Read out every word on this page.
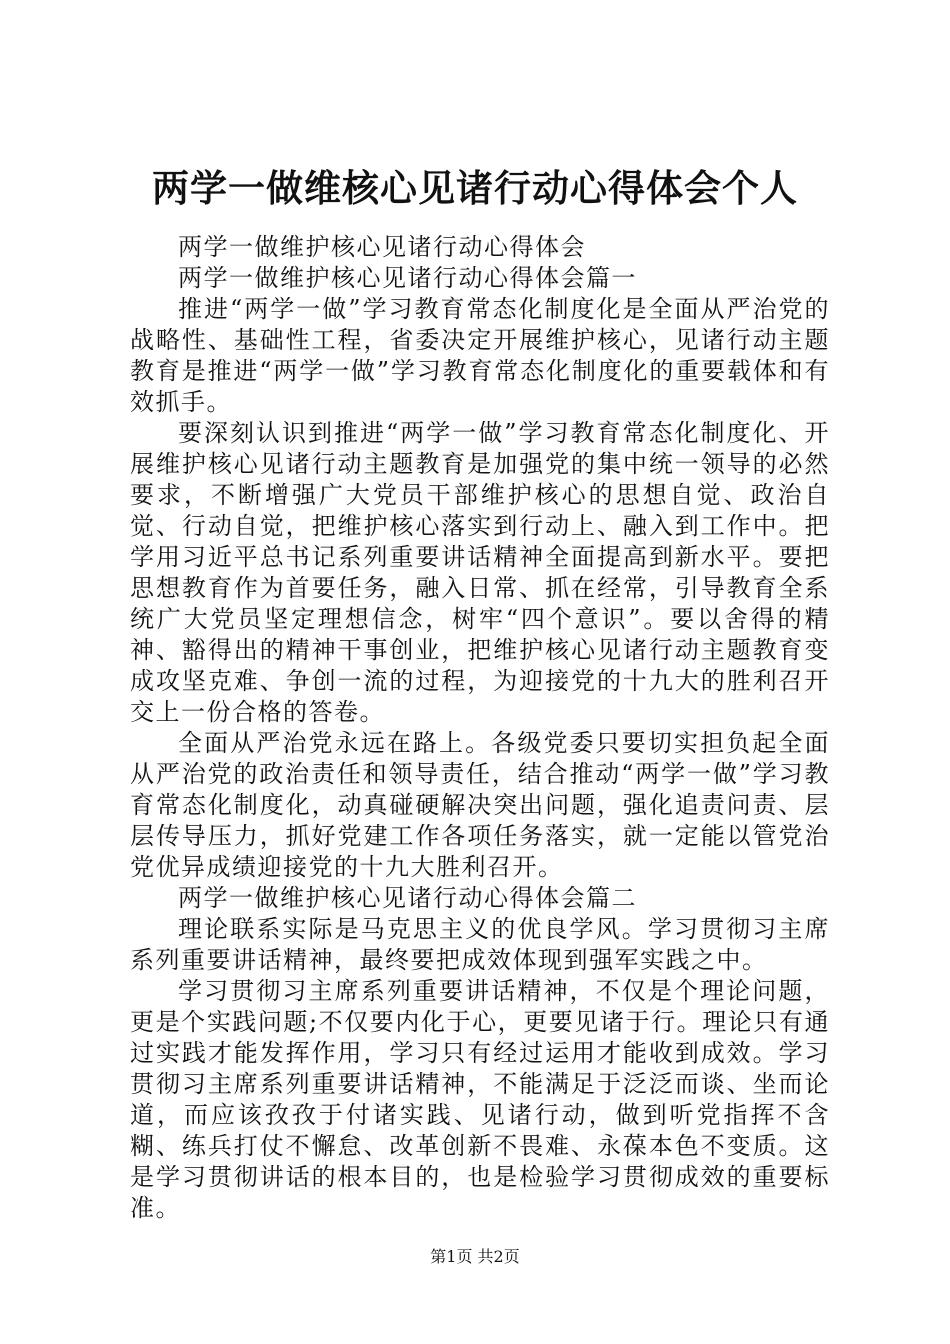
两学一做维核心见诸行动心得体会个人

两学一做维护核心见诸行动心得体会

两学一做维护核心见诸行动心得体会篇一

推进“两学一做”学习教育常态化制度化是全面从严治党的战略性、基础性工程，省委决定开展维护核心，见诸行动主题教育是推进“两学一做”学习教育常态化制度化的重要载体和有效抓手。

要深刻认识到推进“两学一做”学习教育常态化制度化、开展维护核心见诸行动主题教育是加强党的集中统一领导的必然要求，不断增强广大党员干部维护核心的思想自觉、政治自觉、行动自觉，把维护核心落实到行动上、融入到工作中。把学用习近平总书记系列重要讲话精神全面提高到新水平。要把思想教育作为首要任务，融入日常、抓在经常，引导教育全系统广大党员坚定理想信念，树牢“四个意识”。要以舍得的精神、豁得出的精神干事创业，把维护核心见诸行动主题教育变成攻坚克难、争创一流的过程，为迎接党的十九大的胜利召开交上一份合格的答卷。

全面从严治党永远在路上。各级党委只要切实担负起全面从严治党的政治责任和领导责任，结合推动“两学一做”学习教育常态化制度化，动真碰硬解决突出问题，强化追责问责、层层传导压力，抓好党建工作各项任务落实，就一定能以管党治党优异成绩迎接党的十九大胜利召开。

两学一做维护核心见诸行动心得体会篇二

理论联系实际是马克思主义的优良学风。学习贯彻习主席系列重要讲话精神，最终要把成效体现到强军实践之中。

学习贯彻习主席系列重要讲话精神，不仅是个理论问题，更是个实践问题;不仅要内化于心，更要见诸于行。理论只有通过实践才能发挥作用，学习只有经过运用才能收到成效。学习贯彻习主席系列重要讲话精神，不能满足于泛泛而谈、坐而论道，而应该孜孜于付诸实践、见诸行动，做到听党指挥不含糊、练兵打仗不懈怠、改革创新不畏难、永葆本色不变质。这是学习贯彻讲话的根本目的，也是检验学习贯彻成效的重要标准。

第1页 共2页
